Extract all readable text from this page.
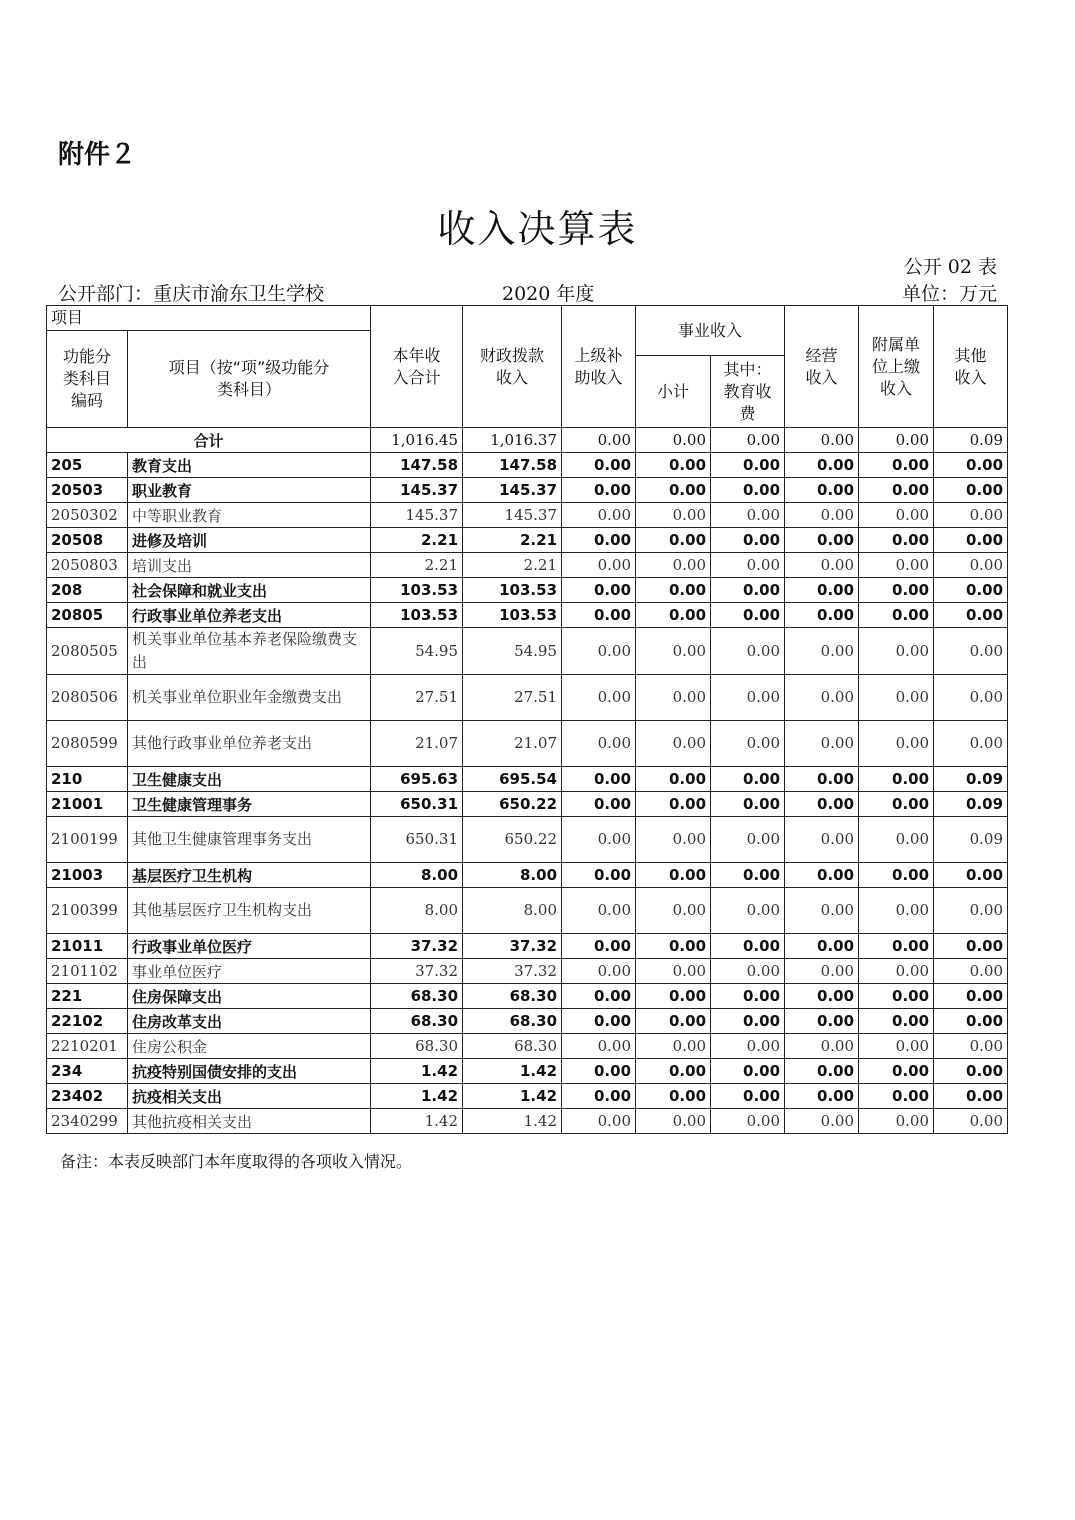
附件２
收入决算表
公开 02 表
公开部门：重庆市渝东卫生学校	2020 年度	单位：万元
项目		本年收入合计	财政拨款收入	上级补助收入	事业收入		经营收入	附属单位上缴收入	其他收入

功能分类科目编码	项目（按“项”级功能分类科目）								

					小计	其中：教育收费			

合计		1,016.45	1,016.37	0.00	0.00	0.00	0.00	0.00	0.09
205	教育支出	147.58	147.58	0.00	0.00	0.00	0.00	0.00	0.00
20503	职业教育	145.37	145.37	0.00	0.00	0.00	0.00	0.00	0.00
2050302	中等职业教育	145.37	145.37	0.00	0.00	0.00	0.00	0.00	0.00
20508	进修及培训	2.21	2.21	0.00	0.00	0.00	0.00	0.00	0.00
2050803	培训支出	2.21	2.21	0.00	0.00	0.00	0.00	0.00	0.00
208	社会保障和就业支出	103.53	103.53	0.00	0.00	0.00	0.00	0.00	0.00
20805	行政事业单位养老支出	103.53	103.53	0.00	0.00	0.00	0.00	0.00	0.00
2080505	机关事业单位基本养老保险缴费支出	54.95	54.95	0.00	0.00	0.00	0.00	0.00	0.00
2080506	机关事业单位职业年金缴费支出	27.51	27.51	0.00	0.00	0.00	0.00	0.00	0.00
2080599	其他行政事业单位养老支出	21.07	21.07	0.00	0.00	0.00	0.00	0.00	0.00
210	卫生健康支出	695.63	695.54	0.00	0.00	0.00	0.00	0.00	0.09
21001	卫生健康管理事务	650.31	650.22	0.00	0.00	0.00	0.00	0.00	0.09
2100199	其他卫生健康管理事务支出	650.31	650.22	0.00	0.00	0.00	0.00	0.00	0.09
21003	基层医疗卫生机构	8.00	8.00	0.00	0.00	0.00	0.00	0.00	0.00
2100399	其他基层医疗卫生机构支出	8.00	8.00	0.00	0.00	0.00	0.00	0.00	0.00
21011	行政事业单位医疗	37.32	37.32	0.00	0.00	0.00	0.00	0.00	0.00
2101102	事业单位医疗	37.32	37.32	0.00	0.00	0.00	0.00	0.00	0.00
221	住房保障支出	68.30	68.30	0.00	0.00	0.00	0.00	0.00	0.00
22102	住房改革支出	68.30	68.30	0.00	0.00	0.00	0.00	0.00	0.00
2210201	住房公积金	68.30	68.30	0.00	0.00	0.00	0.00	0.00	0.00
234	抗疫特别国债安排的支出	1.42	1.42	0.00	0.00	0.00	0.00	0.00	0.00
23402	抗疫相关支出	1.42	1.42	0.00	0.00	0.00	0.00	0.00	0.00
2340299	其他抗疫相关支出	1.42	1.42	0.00	0.00	0.00	0.00	0.00	0.00
备注：本表反映部门本年度取得的各项收入情况。
